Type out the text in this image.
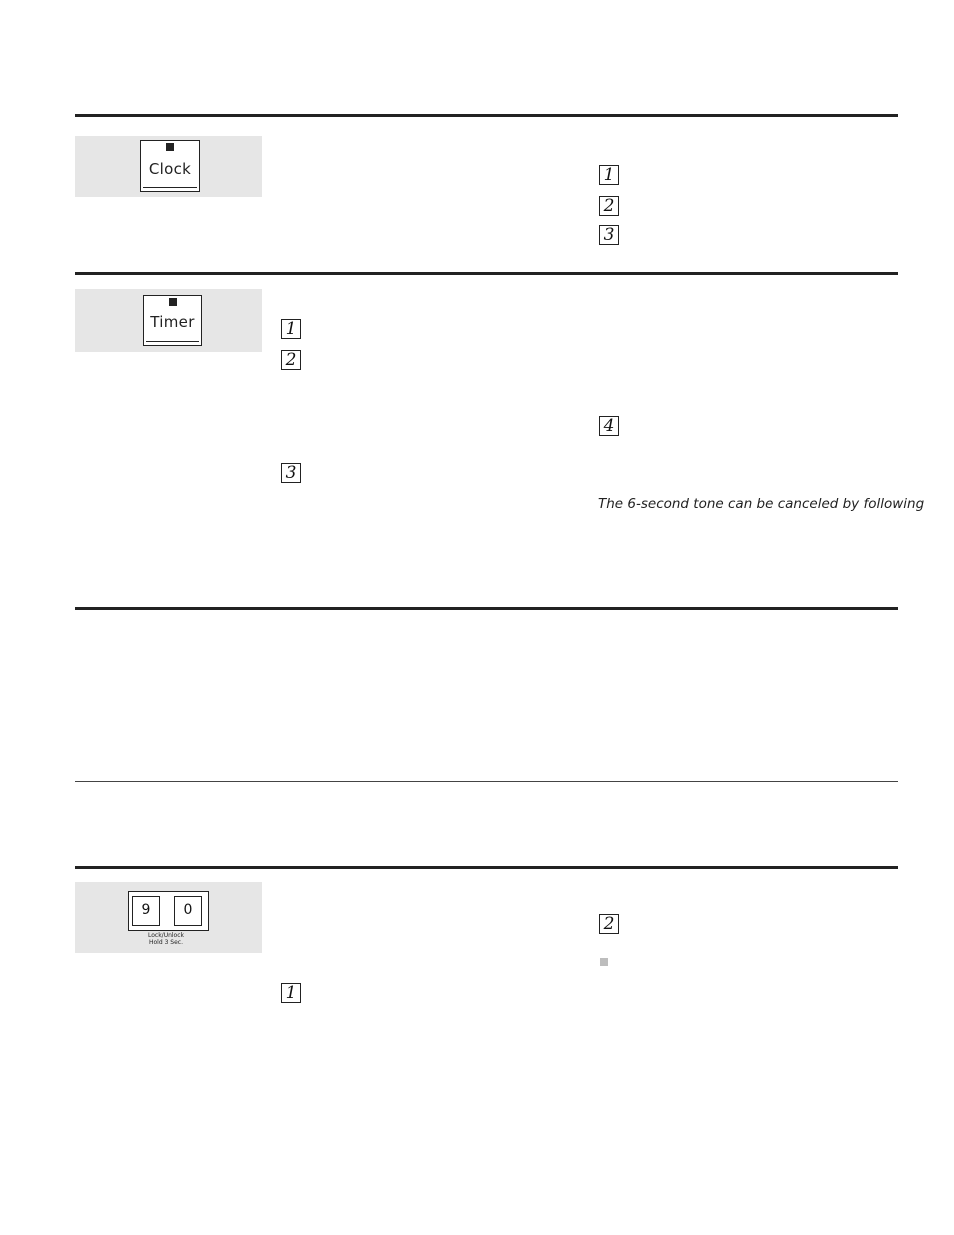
Clock	1
2
3
Timer	1
2
3
4
The 6-second tone can be canceled by following
9	0
Lock/Unlock
Hold 3 Sec.
2
1
